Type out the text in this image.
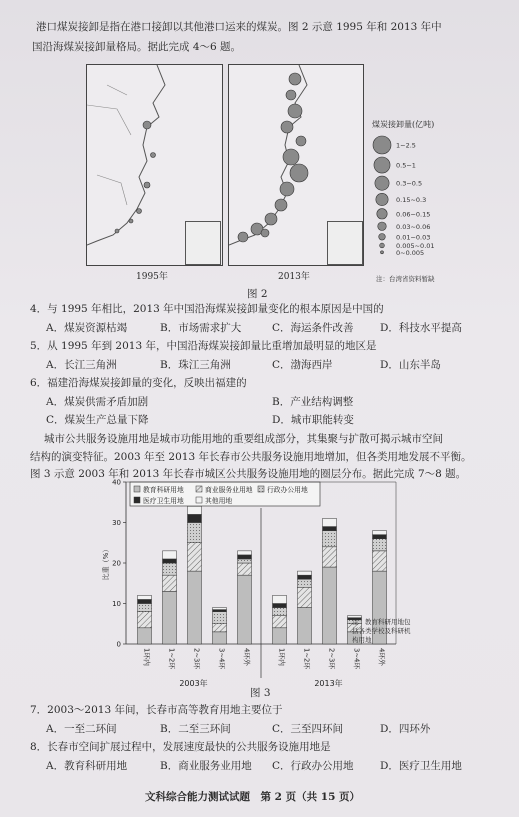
港口煤炭接卸是指在港口接卸以其他港口运来的煤炭。图 2 示意 1995 年和 2013 年中
国沿海煤炭接卸量格局。据此完成 4～6 题。
1995年	2013年
煤炭接卸量(亿吨)
1~2.5
0.5~1
0.3~0.5
0.15~0.3
0.06~0.15
0.03~0.06
0.01~0.03
0.005~0.01
0~0.005
注：台湾省资料暂缺
图 2
4．与 1995 年相比，2013 年中国沿海煤炭接卸量变化的根本原因是中国的
A．煤炭资源枯竭	B．市场需求扩大	C．海运条件改善	D．科技水平提高
5．从 1995 年到 2013 年，中国沿海煤炭接卸量比重增加最明显的地区是
A．长江三角洲	B．珠江三角洲	C．渤海西岸	D．山东半岛
6．福建沿海煤炭接卸量的变化，反映出福建的
A．煤炭供需矛盾加剧	B．产业结构调整
C．煤炭生产总量下降	D．城市职能转变
城市公共服务设施用地是城市功能用地的重要组成部分，其集聚与扩散可揭示城市空间
结构的演变特征。2003 年至 2013 年长春市公共服务设施用地增加，但各类用地发展不平衡。
图 3 示意 2003 年和 2013 年长春市城区公共服务设施用地的圈层分布。据此完成 7～8 题。
教育科研用地	商业服务业用地 行政办公用地
医疗卫生用地	其他用地
0
10
20
30
40
比重（%）
1环内	1~2环	2~3环	3~4环	4环外
2003年
1环内	1~2环	2~3环	3~4环	4环外
2013年
注：教育科研用地包括各类学校及科研机构用地
图 3
7．2003～2013 年间，长春市高等教育用地主要位于
A．一至二环间	B．二至三环间	C．三至四环间	D．四环外
8．长春市空间扩展过程中，发展速度最快的公共服务设施用地是
A．教育科研用地	B．商业服务业用地 C．行政办公用地	D．医疗卫生用地
文科综合能力测试试题　第 2 页（共 15 页）
